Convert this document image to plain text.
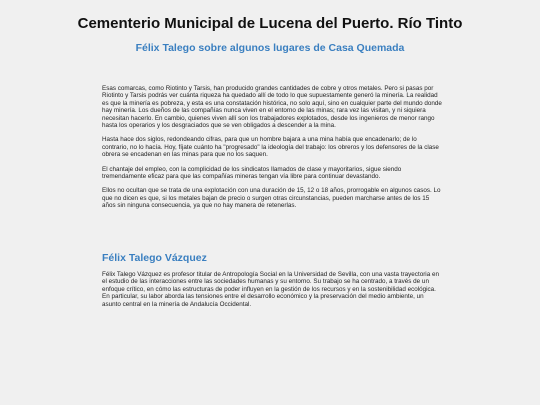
Cementerio Municipal de Lucena del Puerto. Río Tinto
Félix Talego sobre algunos lugares de Casa Quemada

Esas comarcas, como Riotinto y Tarsis, han producido grandes cantidades de cobre y otros metales. Pero si pasas por Riotinto y Tarsis podrás ver cuánta riqueza ha quedado allí de todo lo que supuestamente generó la minería. La realidad es que la minería es pobreza, y esta es una constatación histórica, no solo aquí, sino en cualquier parte del mundo donde hay minería. Los dueños de las compañías nunca viven en el entorno de las minas; rara vez las visitan, y ni siquiera necesitan hacerlo. En cambio, quienes viven allí son los trabajadores explotados, desde los ingenieros de menor rango hasta los operarios y los desgraciados que se ven obligados a descender a la mina.

Hasta hace dos siglos, redondeando cifras, para que un hombre bajara a una mina había que encadenarlo; de lo contrario, no lo hacía. Hoy, fíjate cuánto ha "progresado" la ideología del trabajo: los obreros y los defensores de la clase obrera se encadenan en las minas para que no los saquen.

El chantaje del empleo, con la complicidad de los sindicatos llamados de clase y mayoritarios, sigue siendo tremendamente eficaz para que las compañías mineras tengan vía libre para continuar devastando.

Ellos no ocultan que se trata de una explotación con una duración de 15, 12 o 18 años, prorrogable en algunos casos. Lo que no dicen es que, si los metales bajan de precio o surgen otras circunstancias, pueden marcharse antes de los 15 años sin ninguna consecuencia, ya que no hay manera de retenerlas.

Félix Talego Vázquez

Félix Talego Vázquez es profesor titular de Antropología Social en la Universidad de Sevilla, con una vasta trayectoria en el estudio de las interacciones entre las sociedades humanas y su entorno. Su trabajo se ha centrado, a través de un enfoque crítico, en cómo las estructuras de poder influyen en la gestión de los recursos y en la sostenibilidad ecológica. En particular, su labor aborda las tensiones entre el desarrollo económico y la preservación del medio ambiente, un asunto central en la minería de Andalucía Occidental.
